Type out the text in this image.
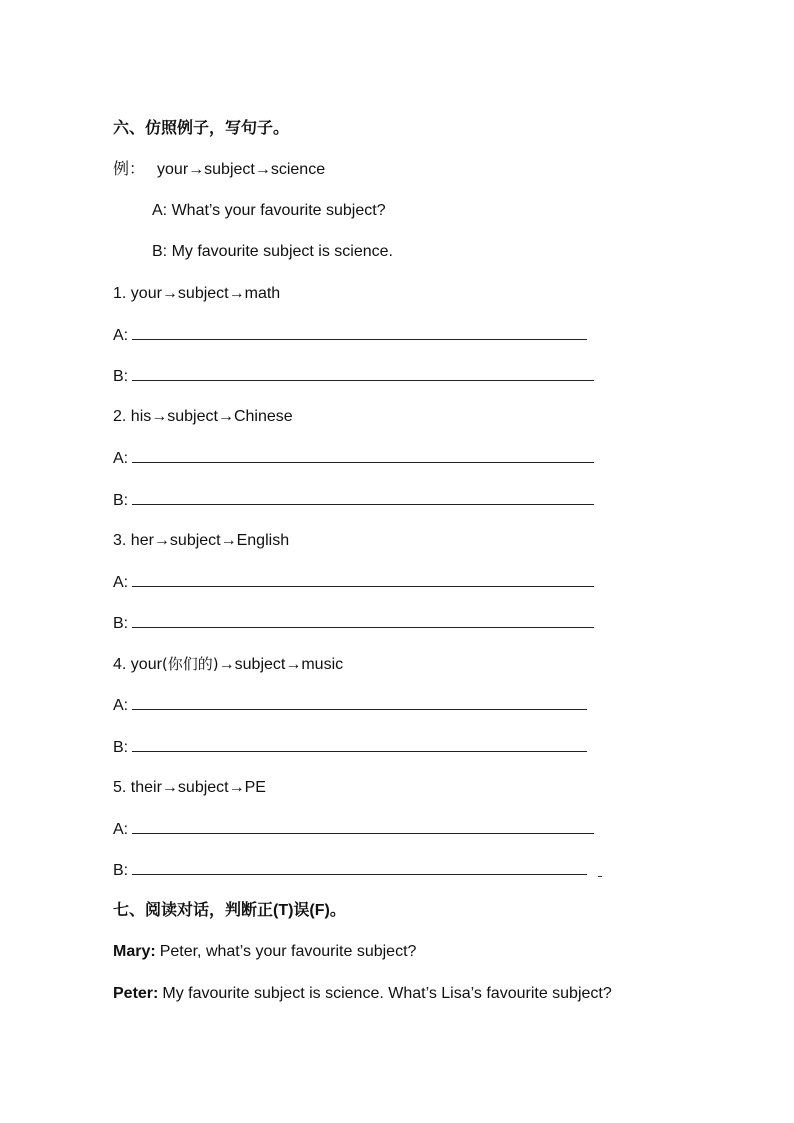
六、仿照例子，写句子。
例： your→subject→science
A: What’s your favourite subject?
B: My favourite subject is science.
1. your→subject→math
A:
B:
2. his→subject→Chinese
A:
B:
3. her→subject→English
A:
B:
4. your(你们的)→subject→music
A:
B:
5. their→subject→PE
A:
B:
七、阅读对话，判断正(T)误(F)。
Mary: Peter, what’s your favourite subject?
Peter: My favourite subject is science. What’s Lisa’s favourite subject?
